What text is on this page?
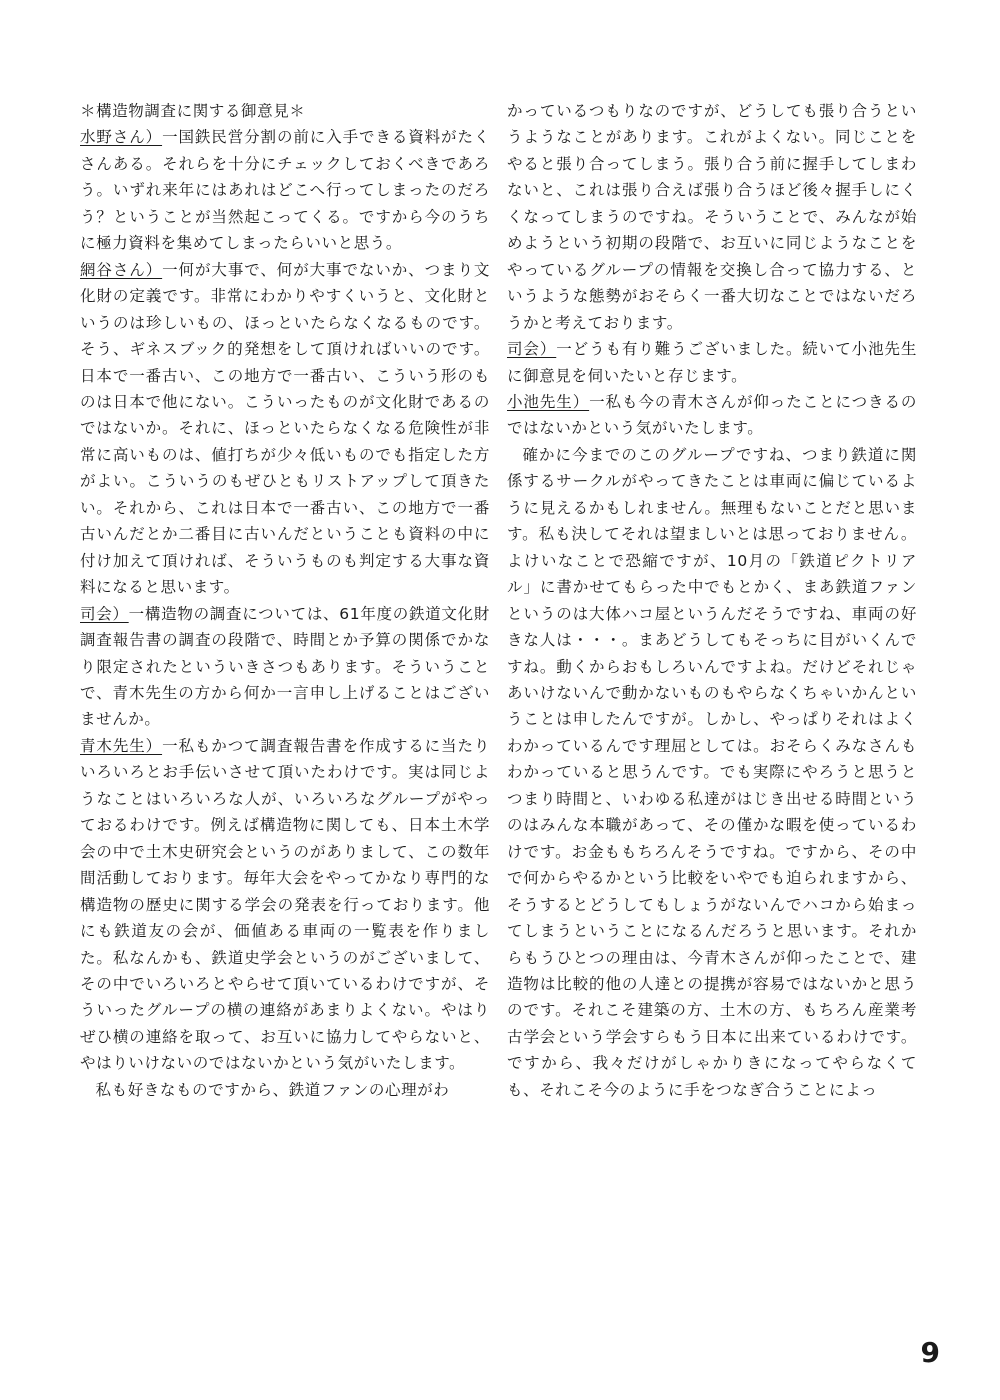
＊構造物調査に関する御意見＊

水野さん）一国鉄民営分割の前に入手できる資料がたくさんある。それらを十分にチェックしておくべきであろう。いずれ来年にはあれはどこへ行ってしまったのだろう？ということが当然起こってくる。ですから今のうちに極力資料を集めてしまったらいいと思う。

網谷さん）一何が大事で、何が大事でないか、つまり文化財の定義です。非常にわかりやすくいうと、文化財というのは珍しいもの、ほっといたらなくなるものです。そう、ギネスブック的発想をして頂ければいいのです。日本で一番古い、この地方で一番古い、こういう形のものは日本で他にない。こういったものが文化財であるのではないか。それに、ほっといたらなくなる危険性が非常に高いものは、値打ちが少々低いものでも指定した方がよい。こういうのもぜひともリストアップして頂きたい。それから、これは日本で一番古い、この地方で一番古いんだとか二番目に古いんだということも資料の中に付け加えて頂ければ、そういうものも判定する大事な資料になると思います。

司会）一構造物の調査については、61年度の鉄道文化財調査報告書の調査の段階で、時間とか予算の関係でかなり限定されたといういきさつもあります。そういうことで、青木先生の方から何か一言申し上げることはございませんか。

青木先生）一私もかつて調査報告書を作成するに当たりいろいろとお手伝いさせて頂いたわけです。実は同じようなことはいろいろな人が、いろいろなグループがやっておるわけです。例えば構造物に関しても、日本土木学会の中で土木史研究会というのがありまして、この数年間活動しております。毎年大会をやってかなり専門的な構造物の歴史に関する学会の発表を行っております。他にも鉄道友の会が、価値ある車両の一覧表を作りました。私なんかも、鉄道史学会というのがございまして、その中でいろいろとやらせて頂いているわけですが、そういったグループの横の連絡があまりよくない。やはりぜひ横の連絡を取って、お互いに協力してやらないと、やはりいけないのではないかという気がいたします。

私も好きなものですから、鉄道ファンの心理がわ

かっているつもりなのですが、どうしても張り合うというようなことがあります。これがよくない。同じことをやると張り合ってしまう。張り合う前に握手してしまわないと、これは張り合えば張り合うほど後々握手しにくくなってしまうのですね。そういうことで、みんなが始めようという初期の段階で、お互いに同じようなことをやっているグループの情報を交換し合って協力する、というような態勢がおそらく一番大切なことではないだろうかと考えております。

司会）一どうも有り難うございました。続いて小池先生に御意見を伺いたいと存じます。

小池先生）一私も今の青木さんが仰ったことにつきるのではないかという気がいたします。

確かに今までのこのグループですね、つまり鉄道に関係するサークルがやってきたことは車両に偏じているように見えるかもしれません。無理もないことだと思います。私も決してそれは望ましいとは思っておりません。よけいなことで恐縮ですが、10月の「鉄道ピクトリアル」に書かせてもらった中でもとかく、まあ鉄道ファンというのは大体ハコ屋というんだそうですね、車両の好きな人は・・・。まあどうしてもそっちに目がいくんですね。動くからおもしろいんですよね。だけどそれじゃあいけないんで動かないものもやらなくちゃいかんということは申したんですが。しかし、やっぱりそれはよくわかっているんです理屈としては。おそらくみなさんもわかっていると思うんです。でも実際にやろうと思うとつまり時間と、いわゆる私達がはじき出せる時間というのはみんな本職があって、その僅かな暇を使っているわけです。お金ももちろんそうですね。ですから、その中で何からやるかという比較をいやでも迫られますから、そうするとどうしてもしょうがないんでハコから始まってしまうということになるんだろうと思います。それからもうひとつの理由は、今青木さんが仰ったことで、建造物は比較的他の人達との提携が容易ではないかと思うのです。それこそ建築の方、土木の方、もちろん産業考古学会という学会すらもう日本に出来ているわけです。ですから、我々だけがしゃかりきになってやらなくても、それこそ今のように手をつなぎ合うことによっ

9
